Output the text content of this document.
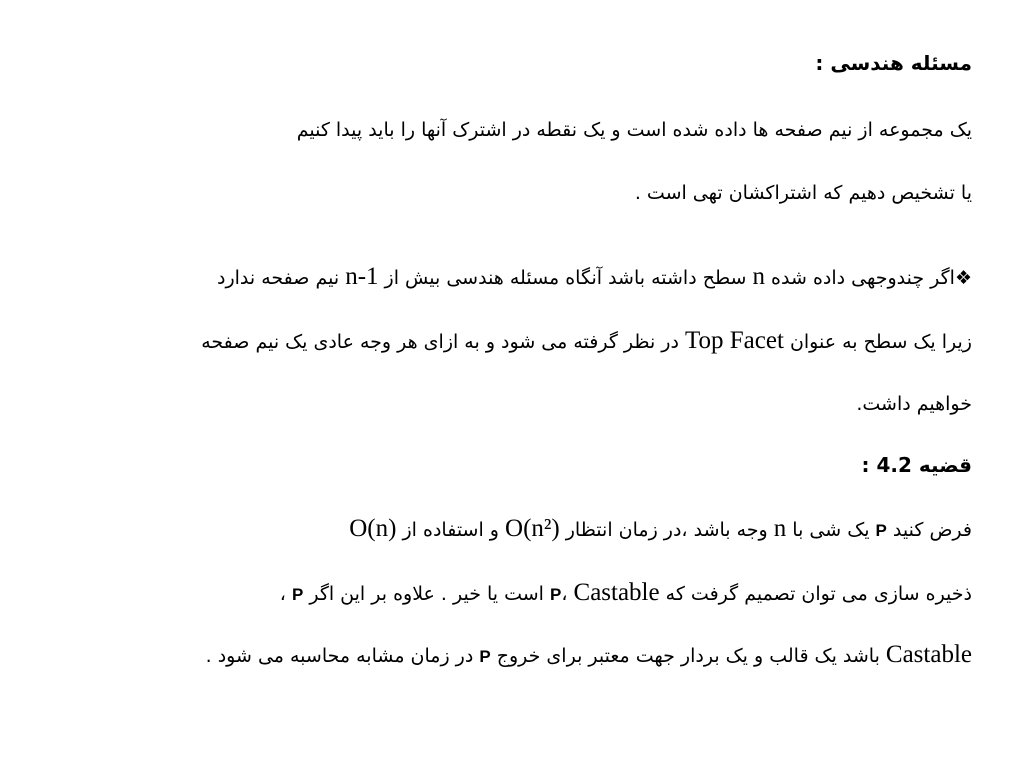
مسئله هندسی :
یک مجموعه از نیم صفحه ها داده شده است و یک نقطه در اشترک آنها را باید پیدا کنیم
یا تشخیص دهیم که اشتراکشان تهی است .
❖اگر چندوجهی داده شده n سطح داشته باشد آنگاه مسئله هندسی بیش از n-1 نیم صفحه ندارد
زیرا یک سطح به عنوان Top Facet در نظر گرفته می شود و به ازای هر وجه عادی یک نیم صفحه
خواهیم داشت.
قضیه 4.2 :
فرض کنید P یک شی با n وجه باشد ،در زمان انتظار O(n²) و استفاده از O(n)
ذخیره سازی می توان تصمیم گرفت که P، Castable است یا خیر . علاوه بر این اگر P ،
Castable باشد یک قالب و یک بردار جهت معتبر برای خروج P در زمان مشابه محاسبه می شود .
